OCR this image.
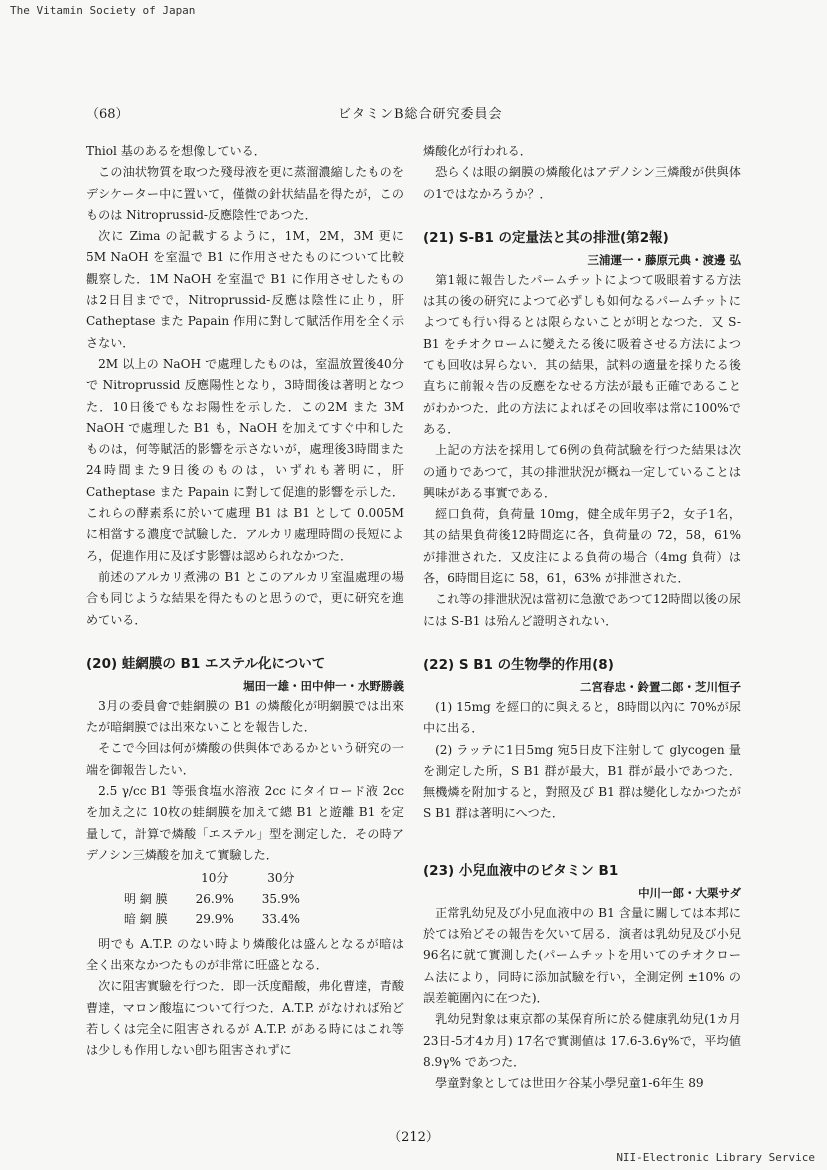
The Vitamin Society of Japan
（68）	ビタミンB総合研究委員会

Thiol 基のあるを想像している．

この油状物質を取つた殘母液を更に蒸溜濃縮したものをデシケーター中に置いて，僅微の針状結晶を得たが，このものは Nitroprussid-反應陰性であつた．

次に Zima の記載するように，1M，2M，3M 更に 5M NaOH を室温で B1 に作用させたものについて比較觀察した．1M NaOH を室温で B1 に作用させしたものは2日目までで，Nitroprussid-反應は陰性に止り，肝 Catheptase また Papain 作用に對して賦活作用を全く示さない．

2M 以上の NaOH で處理したものは，室温放置後40分で Nitroprussid 反應陽性となり，3時間後は著明となつた．10日後でもなお陽性を示した．この2M また 3M NaOH で處理した B1 も，NaOH を加えてすぐ中和したものは，何等賦活的影響を示さないが，處理後3時間また24時間また9日後のものは，いずれも著明に，肝 Catheptase また Papain に對して促進的影響を示した．これらの酵素系に於いて處理 B1 は B1 として 0.005M に相當する濃度で試驗した．アルカリ處理時間の長短によろ，促進作用に及ぼす影響は認められなかつた．

前述のアルカリ煮沸の B1 とこのアルカリ室温處理の場合も同じような結果を得たものと思うので，更に研究を進めている．

(20) 蛙網膜の B1 エステル化について
堀田一雄・田中伸一・水野勝義

3月の委員會で蛙網膜の B1 の燐酸化が明網膜では出來たが暗網膜では出來ないことを報告した．

そこで今回は何が燐酸の供與体であるかという研究の一端を御報告したい．

2.5 γ/cc B1 等張食塩水溶液 2cc にタイロード液 2cc を加え之に 10枚の蛙網膜を加えて總 B1 と遊離 B1 を定量して，計算で燐酸「エステル」型を測定した．その時アデノシン三燐酸を加えて實驗した．

	10分	30分
明 網 膜	26.9%	35.9%
暗 網 膜	29.9%	33.4%

明でも A.T.P. のない時より燐酸化は盛んとなるが暗は全く出來なかつたものが非常に旺盛となる．

次に阻害實驗を行つた．即一沃度醋酸，弗化曹達，青酸曹達，マロン酸塩について行つた．A.T.P. がなければ殆ど若しくは完全に阻害されるが A.T.P. がある時にはこれ等は少しも作用しない卽ち阻害されずに

燐酸化が行われる．

恐らくは眼の網膜の燐酸化はアデノシン三燐酸が供與体の1ではなかろうか？．

(21) S-B1 の定量法と其の排泄(第2報)
三浦運一・藤原元典・渡邊 弘

第1報に報告したパームチットによつて吸眼着する方法は其の後の研究によつて必ずしも如何なるパームチットによつても行い得るとは限らないことが明となつた．又 S-B1 をチオクロームに變えたる後に吸着させる方法によつても回收は昇らない．其の結果，試料の適量を採りたる後直ちに前報々告の反應をなせる方法が最も正確であることがわかつた．此の方法によればその回收率は常に100%である．

上記の方法を採用して6例の負荷試驗を行つた結果は次の通りであつて，其の排泄狀況が概ね一定していることは興味がある事實である．

經口負荷，負荷量 10mg，健全成年男子2，女子1名，其の結果負荷後12時間迄に各，負荷量の 72，58，61%が排泄された．又皮注による負荷の場合（4mg 負荷）は各，6時間目迄に 58，61，63% が排泄された．

これ等の排泄狀況は當初に急激であつて12時間以後の尿には S-B1 は殆んど證明されない．

(22) S B1 の生物學的作用(8)
二宮春忠・鈴置二郎・芝川恒子

(1) 15mg を經口的に與えると，8時間以內に 70%が尿中に出る．

(2) ラッテに1日5mg 宛5日皮下注射して glycogen 量を測定した所，S B1 群が最大，B1 群が最小であつた．無機燐を附加すると，對照及び B1 群は變化しなかつたが S B1 群は著明にへつた．

(23) 小兒血液中のビタミン B1
中川一郎・大栗サダ

正常乳幼兒及び小兒血液中の B1 含量に關しては本邦に於ては殆どその報告を欠いて居る．演者は乳幼兒及び小兒96名に就て實測した(パームチットを用いてのチオクローム法により，同時に添加試驗を行い，全測定例 ±10% の誤差範圍內に在つた)．

乳幼兒對象は東京都の某保育所に於る健康乳幼兒(1カ月23日-5才4カ月) 17名で實測値は 17.6-3.6γ%で，平均値 8.9γ% であつた．

學童對象としては世田ケ谷某小學兒童1-6年生 89

（212）
NII-Electronic Library Service
